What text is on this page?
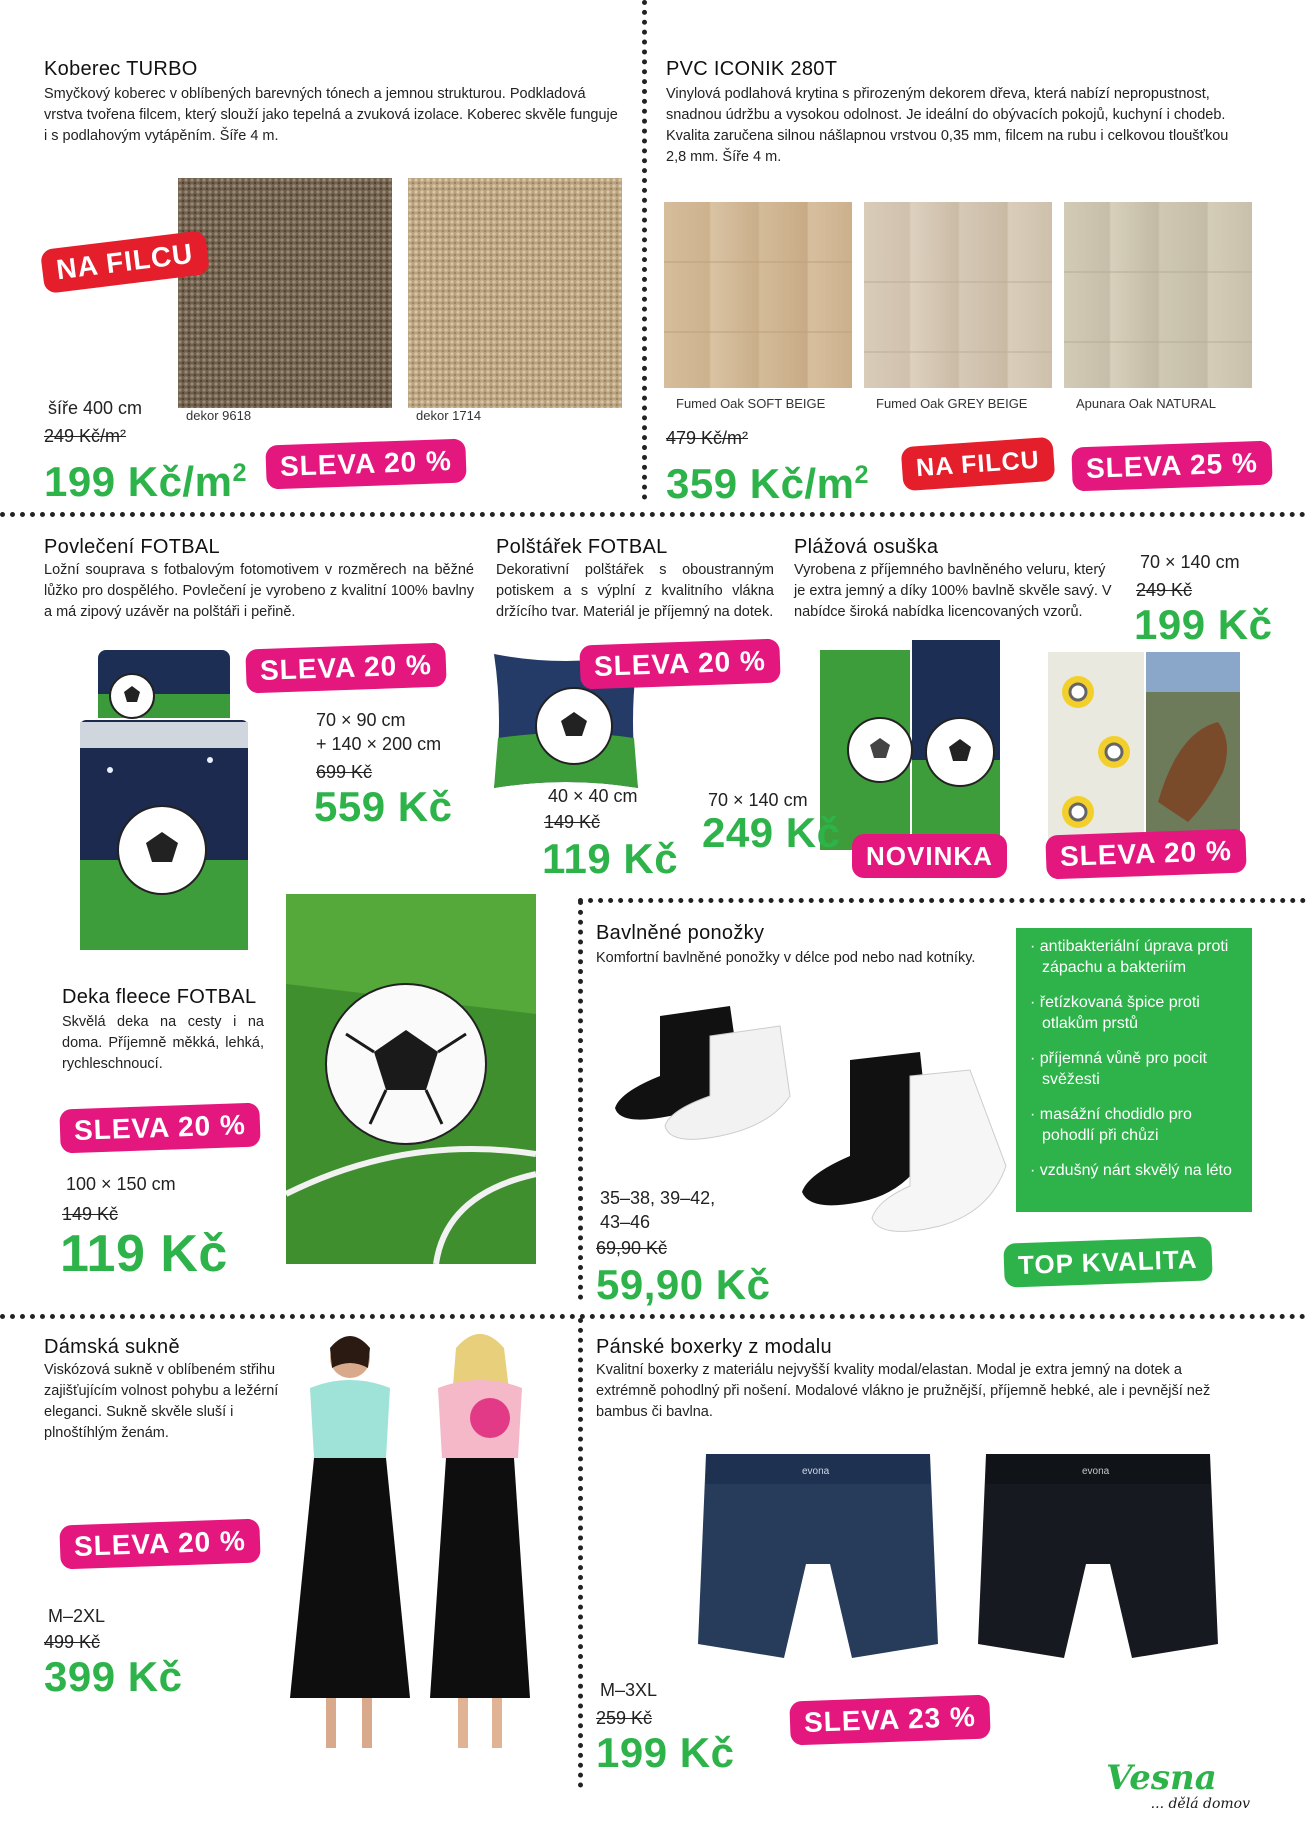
Koberec TURBO
Smyčkový koberec v oblíbených barevných tónech a jemnou strukturou. Podkladová vrstva tvořena filcem, který slouží jako tepelná a zvuková izolace. Koberec skvěle funguje i s podlahovým vytápěním. Šíře 4 m.
NA FILCU
šíře 400 cm	dekor 9618	dekor 1714
249 Kč/m²
199 $Kč/m^2$	SLEVA 20 %
PVC ICONIK 280T
Vinylová podlahová krytina s přirozeným dekorem dřeva, která nabízí nepropustnost, snadnou údržbu a vysokou odolnost. Je ideální do obývacích pokojů, kuchyní i chodeb. Kvalita zaručena silnou nášlapnou vrstvou 0,35 mm, filcem na rubu i celkovou tloušťkou 2,8 mm. Šíře 4 m.
Fumed Oak SOFT BEIGE	Fumed Oak GREY BEIGE	Apunara Oak NATURAL
479 Kč/m²
359 $Kč/m^2$	NA FILCU	SLEVA 25 %
Povlečení FOTBAL
Ložní souprava s fotbalovým fotomotivem v rozměrech na běžné lůžko pro dospělého. Povlečení je vyrobeno z kvalitní 100% bavlny a má zipový uzávěr na polštáři i peřině.
SLEVA 20 %
70 × 90 cm
+ 140 × 200 cm
699 Kč
559 Kč
Polštářek FOTBAL
Dekorativní polštářek s oboustranným potiskem a s výplní z kvalitního vlákna držícího tvar. Materiál je příjemný na dotek.
SLEVA 20 %
40 × 40 cm
149 Kč
119 Kč
Plážová osuška
Vyrobena z příjemného bavlněného veluru, který je extra jemný a díky 100% bavlně skvěle savý. V nabídce široká nabídka licencovaných vzorů.
70 × 140 cm
249 Kč
199 Kč
70 × 140 cm
249 Kč NOVINKA	SLEVA 20 %
Deka fleece FOTBAL
Skvělá deka na cesty i na doma. Příjemně měkká, lehká, rychleschnoucí.
SLEVA 20 %
100 × 150 cm
149 Kč
119 Kč
Bavlněné ponožky
Komfortní bavlněné ponožky v délce pod nebo nad kotníky.
· antibakteriální úprava proti zápachu a bakteriím
· řetízkovaná špice proti otlakům prstů
· příjemná vůně pro pocit svěžesti
· masážní chodidlo pro pohodlí při chůzi
· vzdušný nárt skvělý na léto
35–38, 39–42, 43–46
69,90 Kč
59,90 Kč	TOP KVALITA
Dámská sukně
Viskózová sukně v oblíbeném střihu zajišťujícím volnost pohybu a ležérní eleganci. Sukně skvěle sluší i plnoštíhlým ženám.
SLEVA 20 %
M–2XL
499 Kč
399 Kč
Pánské boxerky z modalu
Kvalitní boxerky z materiálu nejvyšší kvality modal/elastan. Modal je extra jemný na dotek a extrémně pohodlný při nošení. Modalové vlákno je pružnější, příjemně hebké, ale i pevnější než bambus či bavlna.
evona	evona
M–3XL
259 Kč
199 Kč
SLEVA 23 %
Vesna
... dělá domov
